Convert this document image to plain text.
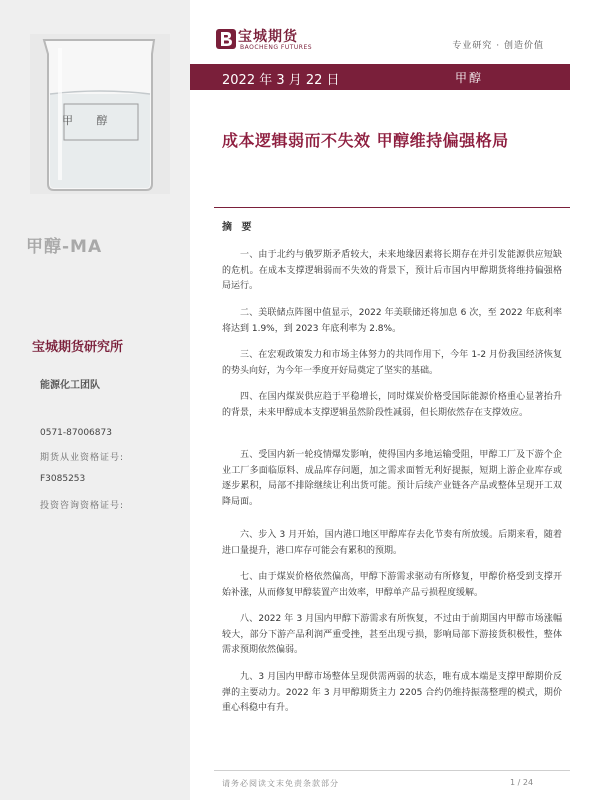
甲 醇
甲醇-MA
宝城期货研究所
能源化工团队
0571-87006873
期货从业资格证号:
F3085253
投资咨询资格证号:
宝城期货
BAOCHENG FUTURES	专业研究 · 创造价值
2022 年 3 月 22 日	甲醇
成本逻辑弱而不失效 甲醇维持偏强格局
摘 要

一、由于北约与俄罗斯矛盾较大，未来地缘因素将长期存在并引发能源供应短缺的危机。在成本支撑逻辑弱而不失效的背景下，预计后市国内甲醇期货将维持偏强格局运行。

二、美联储点阵图中值显示，2022 年美联储还将加息 6 次，至 2022 年底利率将达到 1.9%，到 2023 年底利率为 2.8%。

三、在宏观政策发力和市场主体努力的共同作用下，今年 1-2 月份我国经济恢复的势头向好，为今年一季度开好局奠定了坚实的基础。

四、在国内煤炭供应趋于平稳增长，同时煤炭价格受国际能源价格重心显著抬升的背景，未来甲醇成本支撑逻辑虽然阶段性减弱，但长期依然存在支撑效应。

五、受国内新一轮疫情爆发影响，使得国内多地运输受阻，甲醇工厂及下游个企业工厂多面临原料、成品库存问题，加之需求面暂无利好提振，短期上游企业库存或逐步累积，局部不排除继续让利出货可能。预计后续产业链各产品或整体呈现开工双降局面。

六、步入 3 月开始，国内港口地区甲醇库存去化节奏有所放缓。后期来看，随着进口量提升，港口库存可能会有累积的预期。

七、由于煤炭价格依然偏高，甲醇下游需求驱动有所修复，甲醇价格受到支撑开始补涨，从而修复甲醇装置产出效率，甲醇单产品亏损程度缓解。

八、2022 年 3 月国内甲醇下游需求有所恢复，不过由于前期国内甲醇市场涨幅较大，部分下游产品利润严重受挫，甚至出现亏损，影响局部下游接货积极性，整体需求预期依然偏弱。

九、3 月国内甲醇市场整体呈现供需两弱的状态，唯有成本端是支撑甲醇期价反弹的主要动力。2022 年 3 月甲醇期货主力 2205 合约仍维持振荡整理的模式，期价重心科稳中有升。

请务必阅读文末免责条款部分	1 / 24
